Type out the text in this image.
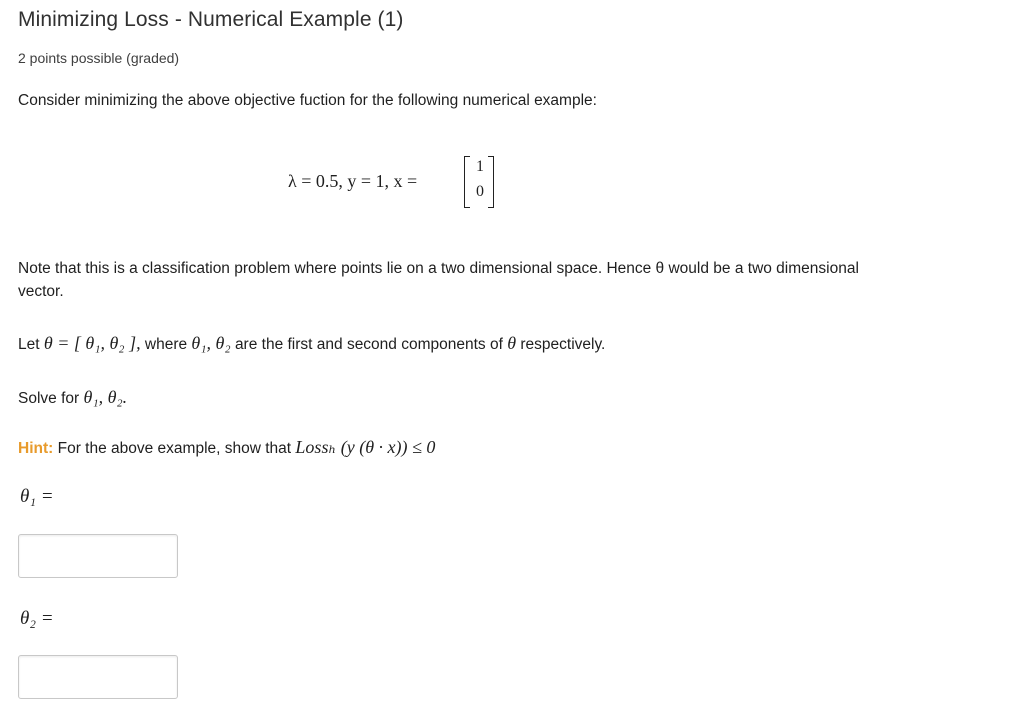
Minimizing Loss - Numerical Example (1)
2 points possible (graded)
Consider minimizing the above objective fuction for the following numerical example:
λ = 0.5, y = 1, x =
1
0
Note that this is a classification problem where points lie on a two dimensional space. Hence θ would be a two dimensional
vector.
Let θ = [ θ₁, θ₂ ], where θ₁, θ₂ are the first and second components of θ respectively.
Solve for θ₁, θ₂.
Hint: For the above example, show that Lossₕ (y (θ · x)) ≤ 0
θ₁ =
θ₂ =
